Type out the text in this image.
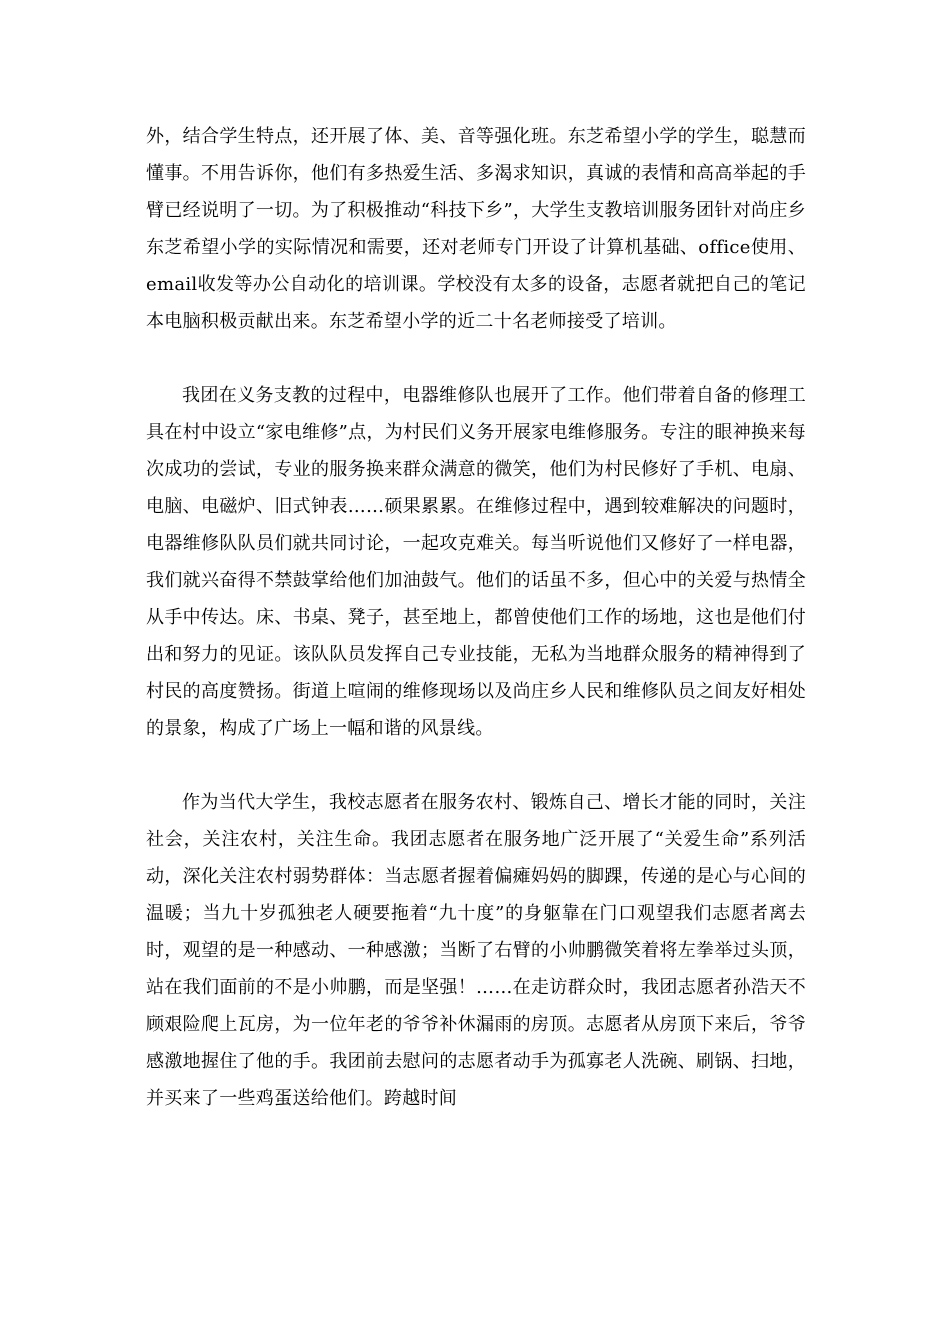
外，结合学生特点，还开展了体、美、音等强化班。东芝希望小学的学生，聪慧而懂事。不用告诉你，他们有多热爱生活、多渴求知识，真诚的表情和高高举起的手臂已经说明了一切。为了积极推动“科技下乡”，大学生支教培训服务团针对尚庄乡东芝希望小学的实际情况和需要，还对老师专门开设了计算机基础、office使用、email收发等办公自动化的培训课。学校没有太多的设备，志愿者就把自己的笔记本电脑积极贡献出来。东芝希望小学的近二十名老师接受了培训。

我团在义务支教的过程中，电器维修队也展开了工作。他们带着自备的修理工具在村中设立“家电维修”点，为村民们义务开展家电维修服务。专注的眼神换来每次成功的尝试，专业的服务换来群众满意的微笑，他们为村民修好了手机、电扇、电脑、电磁炉、旧式钟表……硕果累累。在维修过程中，遇到较难解决的问题时，电器维修队队员们就共同讨论，一起攻克难关。每当听说他们又修好了一样电器，我们就兴奋得不禁鼓掌给他们加油鼓气。他们的话虽不多，但心中的关爱与热情全从手中传达。床、书桌、凳子，甚至地上，都曾使他们工作的场地，这也是他们付出和努力的见证。该队队员发挥自己专业技能，无私为当地群众服务的精神得到了村民的高度赞扬。街道上喧闹的维修现场以及尚庄乡人民和维修队员之间友好相处的景象，构成了广场上一幅和谐的风景线。

作为当代大学生，我校志愿者在服务农村、锻炼自己、增长才能的同时，关注社会，关注农村，关注生命。我团志愿者在服务地广泛开展了“关爱生命”系列活动，深化关注农村弱势群体：当志愿者握着偏瘫妈妈的脚踝，传递的是心与心间的温暖；当九十岁孤独老人硬要拖着“九十度”的身躯靠在门口观望我们志愿者离去时，观望的是一种感动、一种感激；当断了右臂的小帅鹏微笑着将左拳举过头顶，站在我们面前的不是小帅鹏，而是坚强！……在走访群众时，我团志愿者孙浩天不顾艰险爬上瓦房，为一位年老的爷爷补休漏雨的房顶。志愿者从房顶下来后，爷爷感激地握住了他的手。我团前去慰问的志愿者动手为孤寡老人洗碗、刷锅、扫地，并买来了一些鸡蛋送给他们。跨越时间
